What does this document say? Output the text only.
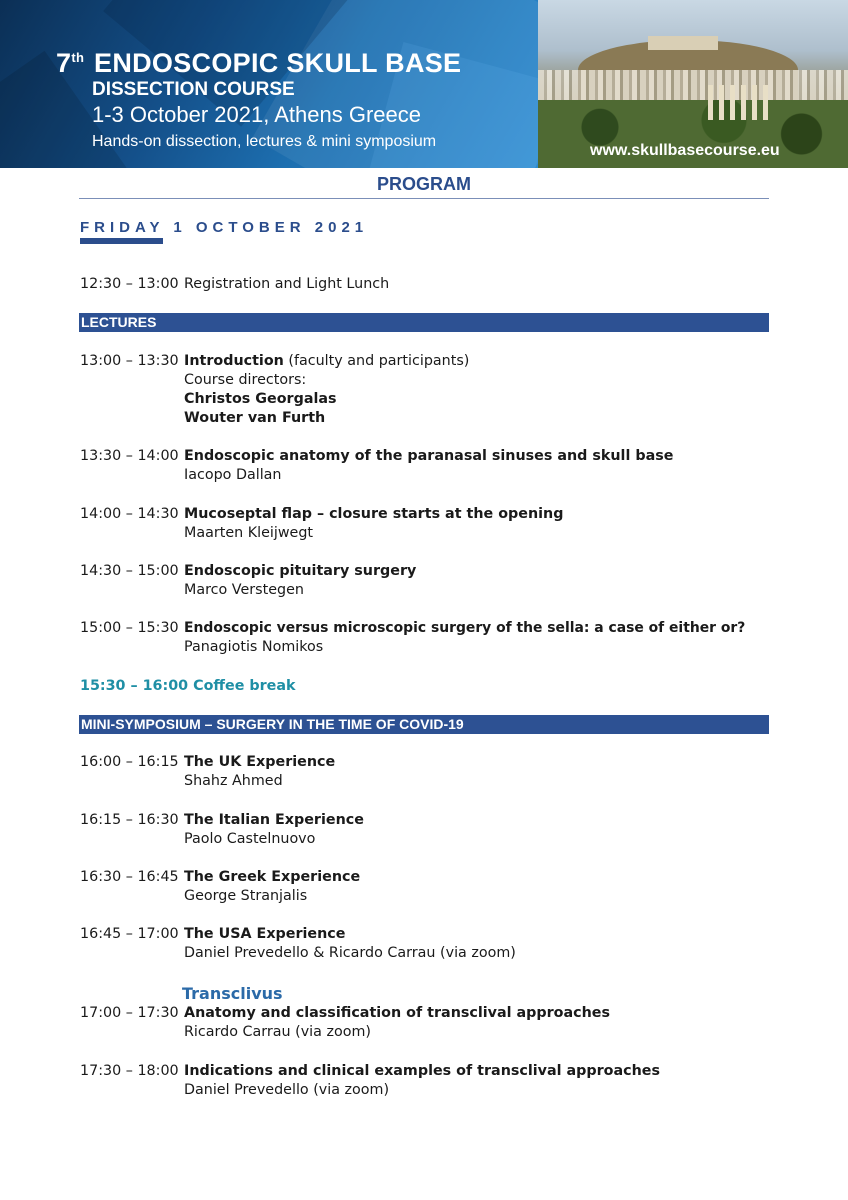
7th ENDOSCOPIC SKULL BASE
DISSECTION COURSE
1-3 October 2021, Athens Greece
Hands-on dissection, lectures & mini symposium
www.skullbasecourse.eu
PROGRAM
FRIDAY 1 OCTOBER 2021
12:30 – 13:00 Registration and Light Lunch
LECTURES
13:00 – 13:30 Introduction (faculty and participants)
Course directors:
Christos Georgalas
Wouter van Furth
13:30 – 14:00 Endoscopic anatomy of the paranasal sinuses and skull base
Iacopo Dallan
14:00 – 14:30 Mucoseptal flap – closure starts at the opening
Maarten Kleijwegt
14:30 – 15:00 Endoscopic pituitary surgery
Marco Verstegen
15:00 – 15:30 Endoscopic versus microscopic surgery of the sella: a case of either or?
Panagiotis Nomikos
15:30 – 16:00 Coffee break
MINI-SYMPOSIUM – SURGERY IN THE TIME OF COVID-19
16:00 – 16:15 The UK Experience
Shahz Ahmed
16:15 – 16:30 The Italian Experience
Paolo Castelnuovo
16:30 – 16:45 The Greek Experience
George Stranjalis
16:45 – 17:00 The USA Experience
Daniel Prevedello & Ricardo Carrau (via zoom)
Transclivus
17:00 – 17:30 Anatomy and classification of transclival approaches
Ricardo Carrau (via zoom)
17:30 – 18:00 Indications and clinical examples of transclival approaches
Daniel Prevedello (via zoom)
